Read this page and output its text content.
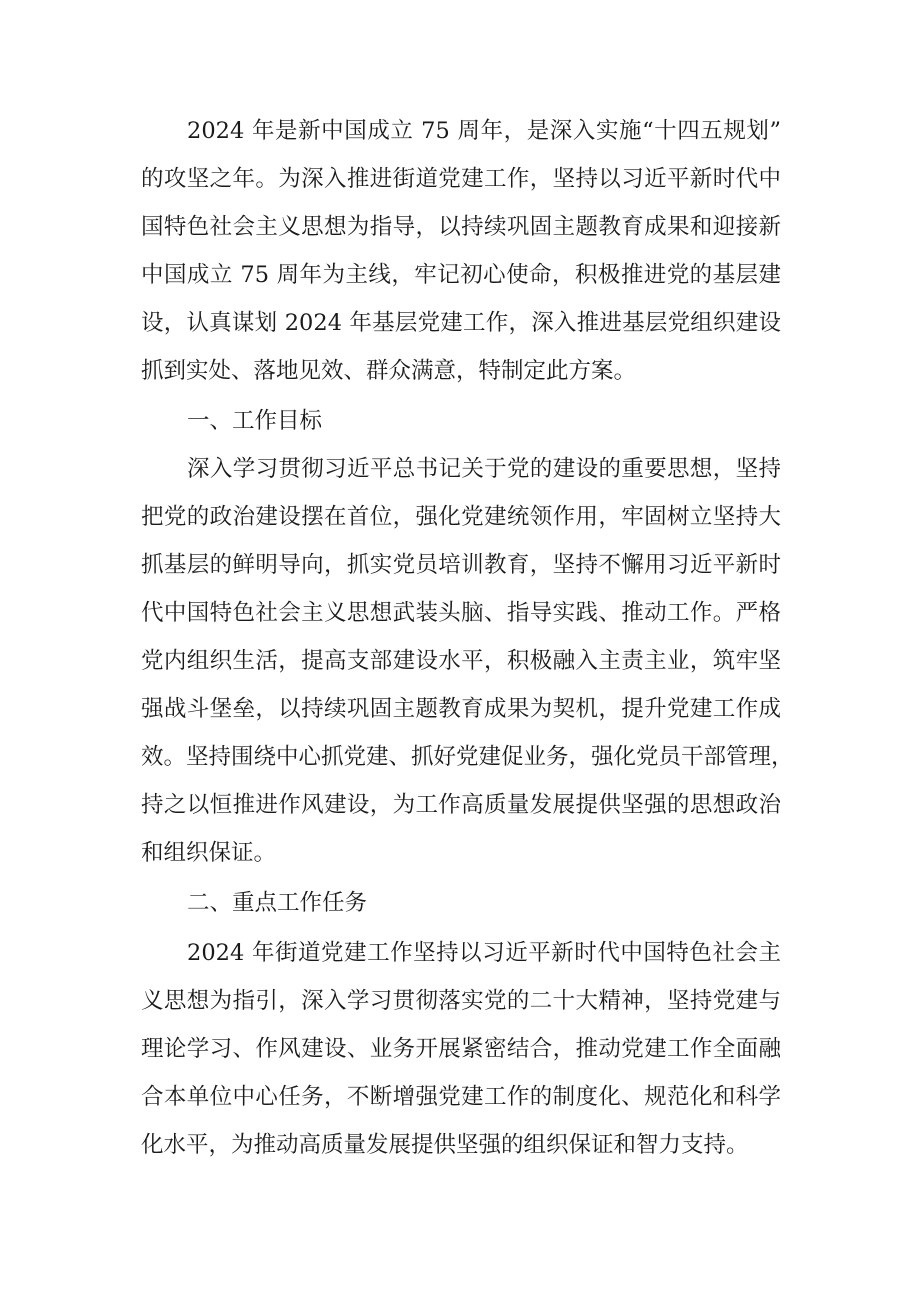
2024 年是新中国成立 75 周年，是深入实施“十四五规划”
的攻坚之年。为深入推进街道党建工作，坚持以习近平新时代中
国特色社会主义思想为指导，以持续巩固主题教育成果和迎接新
中国成立 75 周年为主线，牢记初心使命，积极推进党的基层建
设，认真谋划 2024 年基层党建工作，深入推进基层党组织建设
抓到实处、落地见效、群众满意，特制定此方案。
一、工作目标
深入学习贯彻习近平总书记关于党的建设的重要思想，坚持
把党的政治建设摆在首位，强化党建统领作用，牢固树立坚持大
抓基层的鲜明导向，抓实党员培训教育，坚持不懈用习近平新时
代中国特色社会主义思想武装头脑、指导实践、推动工作。严格
党内组织生活，提高支部建设水平，积极融入主责主业，筑牢坚
强战斗堡垒，以持续巩固主题教育成果为契机，提升党建工作成
效。坚持围绕中心抓党建、抓好党建促业务，强化党员干部管理，
持之以恒推进作风建设，为工作高质量发展提供坚强的思想政治
和组织保证。
二、重点工作任务
2024 年街道党建工作坚持以习近平新时代中国特色社会主
义思想为指引，深入学习贯彻落实党的二十大精神，坚持党建与
理论学习、作风建设、业务开展紧密结合，推动党建工作全面融
合本单位中心任务，不断增强党建工作的制度化、规范化和科学
化水平，为推动高质量发展提供坚强的组织保证和智力支持。
